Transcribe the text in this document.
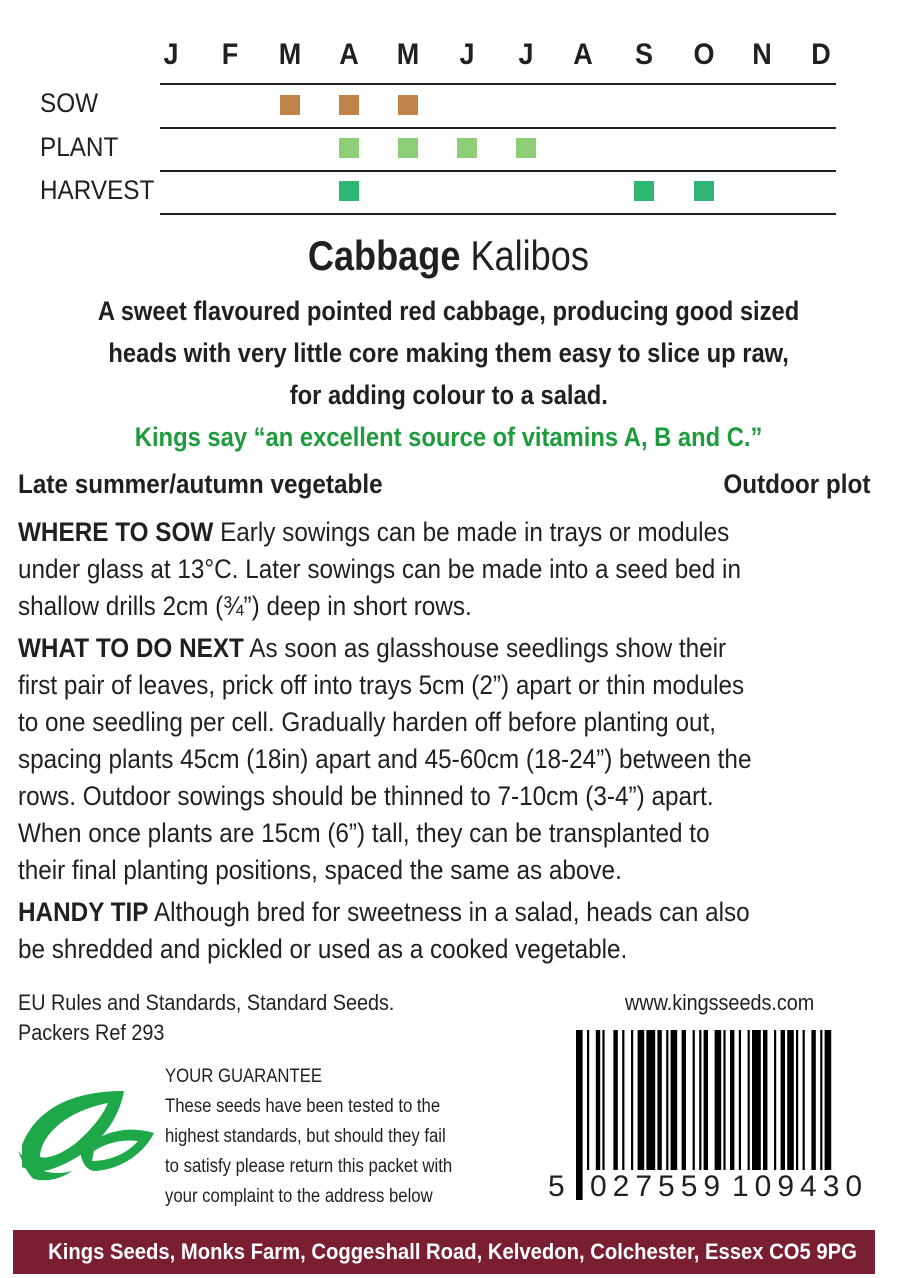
J	F	M A M	J	J	A S	O N D
SOW
PLANT
HARVEST
Cabbage Kalibos
A sweet flavoured pointed red cabbage, producing good sized
heads with very little core making them easy to slice up raw,
for adding colour to a salad.
Kings say “an excellent source of vitamins A, B and C.”
Late summer/autumn vegetable	Outdoor plot
WHERE TO SOW Early sowings can be made in trays or modules
under glass at 13°C. Later sowings can be made into a seed bed in
shallow drills 2cm (¾”) deep in short rows.
WHAT TO DO NEXT As soon as glasshouse seedlings show their
first pair of leaves, prick off into trays 5cm (2”) apart or thin modules
to one seedling per cell. Gradually harden off before planting out,
spacing plants 45cm (18in) apart and 45-60cm (18-24”) between the
rows. Outdoor sowings should be thinned to 7-10cm (3-4”) apart.
When once plants are 15cm (6”) tall, they can be transplanted to
their final planting positions, spaced the same as above.
HANDY TIP Although bred for sweetness in a salad, heads can also
be shredded and pickled or used as a cooked vegetable.
EU Rules and Standards, Standard Seeds.
Packers Ref 293
www.kingsseeds.com
YOUR GUARANTEE
These seeds have been tested to the
highest standards, but should they fail
to satisfy please return this packet with
your complaint to the address below	5 027559 109430
Kings Seeds, Monks Farm, Coggeshall Road, Kelvedon, Colchester, Essex CO5 9PG
